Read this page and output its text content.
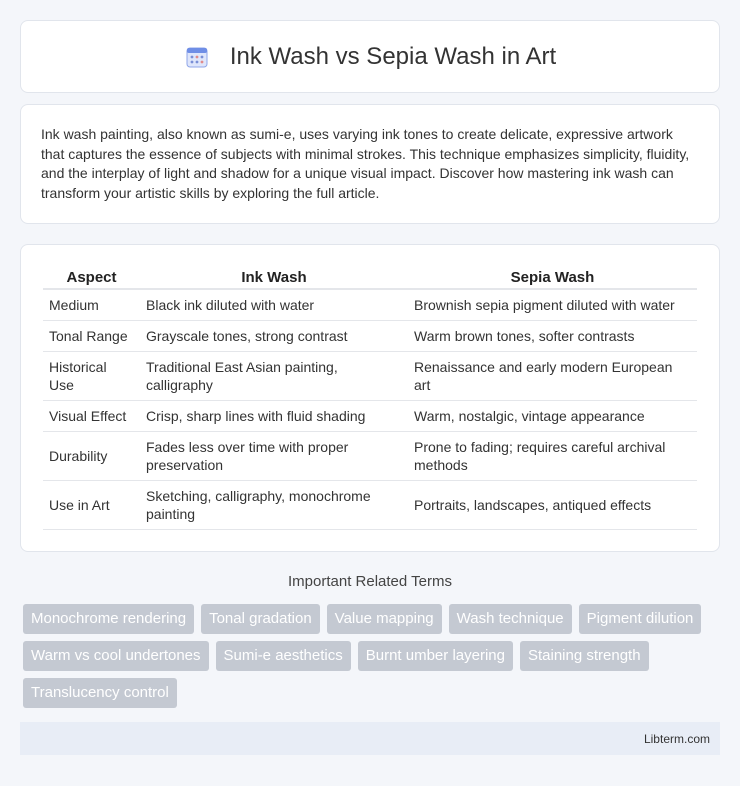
Ink Wash vs Sepia Wash in Art

Ink wash painting, also known as sumi-e, uses varying ink tones to create delicate, expressive artwork that captures the essence of subjects with minimal strokes. This technique emphasizes simplicity, fluidity, and the interplay of light and shadow for a unique visual impact. Discover how mastering ink wash can transform your artistic skills by exploring the full article.

Aspect	Ink Wash	Sepia Wash
Medium	Black ink diluted with water	Brownish sepia pigment diluted with water
Tonal Range	Grayscale tones, strong contrast	Warm brown tones, softer contrasts
Historical Use	Traditional East Asian painting, calligraphy	Renaissance and early modern European art
Visual Effect	Crisp, sharp lines with fluid shading	Warm, nostalgic, vintage appearance
Durability	Fades less over time with proper preservation	Prone to fading; requires careful archival methods
Use in Art	Sketching, calligraphy, monochrome painting	Portraits, landscapes, antiqued effects
Important Related Terms
Monochrome rendering	Tonal gradation	Value mapping	Wash technique	Pigment dilution
Warm vs cool undertones	Sumi-e aesthetics	Burnt umber layering	Staining strength
Translucency control
Libterm.com
